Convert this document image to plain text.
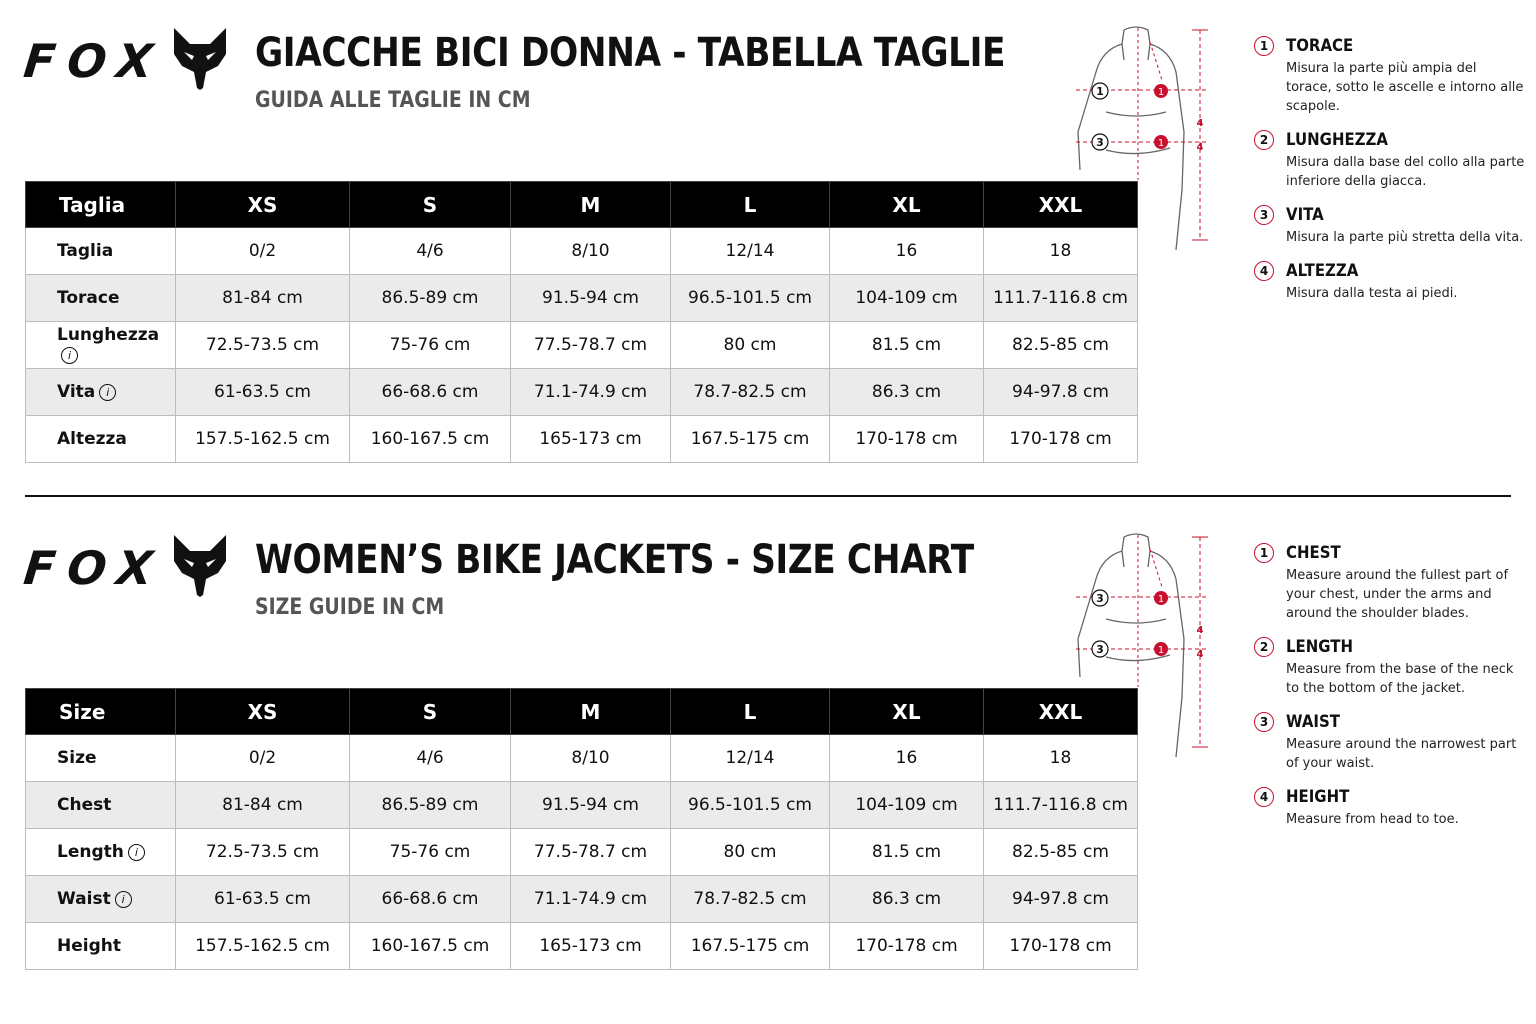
FOX GIACCHE BICI DONNA - TABELLA TAGLIE
GUIDA ALLE TAGLIE IN CM
Taglia	XS	S	M	L	XL	XXL
Taglia	0/2	4/6	8/10	12/14	16	18
Torace	81-84 cm	86.5-89 cm	91.5-94 cm	96.5-101.5 cm	104-109 cm	111.7-116.8 cm
Lunghezzai	72.5-73.5 cm	75-76 cm	77.5-78.7 cm	80 cm	81.5 cm	82.5-85 cm
Vita i	61-63.5 cm	66-68.6 cm	71.1-74.9 cm	78.7-82.5 cm	86.3 cm	94-97.8 cm
Altezza	157.5-162.5 cm	160-167.5 cm	165-173 cm	167.5-175 cm	170-178 cm	170-178 cm
1	1
3	1
4
4
1	TORACE
Misura la parte più ampia del torace, sotto le ascelle e intorno alle scapole.
2	LUNGHEZZA
Misura dalla base del collo alla parte inferiore della giacca.
3	VITA
Misura la parte più stretta della vita.
4	ALTEZZA
Misura dalla testa ai piedi.
FOX WOMEN’S BIKE JACKETS - SIZE CHART
SIZE GUIDE IN CM
Size	XS	S	M	L	XL	XXL
Size	0/2	4/6	8/10	12/14	16	18
Chest	81-84 cm	86.5-89 cm	91.5-94 cm	96.5-101.5 cm	104-109 cm	111.7-116.8 cm
Length i	72.5-73.5 cm	75-76 cm	77.5-78.7 cm	80 cm	81.5 cm	82.5-85 cm
Waist i	61-63.5 cm	66-68.6 cm	71.1-74.9 cm	78.7-82.5 cm	86.3 cm	94-97.8 cm
Height	157.5-162.5 cm	160-167.5 cm	165-173 cm	167.5-175 cm	170-178 cm	170-178 cm
3	1
3	1
4
4
1	CHEST
Measure around the fullest part of your chest, under the arms and around the shoulder blades.
2	LENGTH
Measure from the base of the neck to the bottom of the jacket.
3	WAIST
Measure around the narrowest part of your waist.
4	HEIGHT
Measure from head to toe.
